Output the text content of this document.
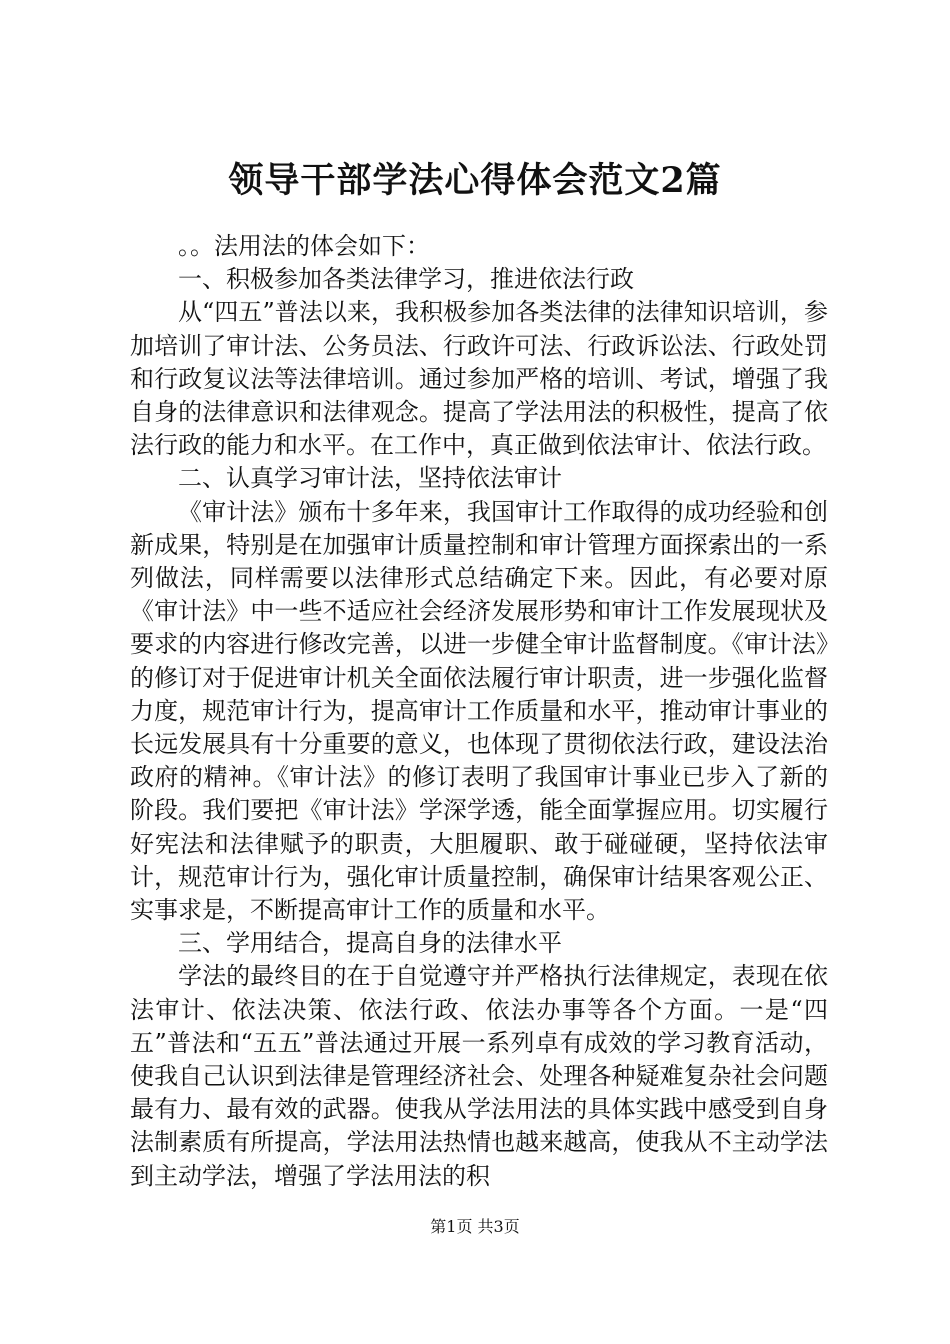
领导干部学法心得体会范文2篇

。。法用法的体会如下：

一、积极参加各类法律学习，推进依法行政

从“四五”普法以来，我积极参加各类法律的法律知识培训，参加培训了审计法、公务员法、行政许可法、行政诉讼法、行政处罚和行政复议法等法律培训。通过参加严格的培训、考试，增强了我自身的法律意识和法律观念。提高了学法用法的积极性，提高了依法行政的能力和水平。在工作中，真正做到依法审计、依法行政。

二、认真学习审计法，坚持依法审计

《审计法》颁布十多年来，我国审计工作取得的成功经验和创新成果，特别是在加强审计质量控制和审计管理方面探索出的一系列做法，同样需要以法律形式总结确定下来。因此，有必要对原《审计法》中一些不适应社会经济发展形势和审计工作发展现状及要求的内容进行修改完善，以进一步健全审计监督制度。《审计法》的修订对于促进审计机关全面依法履行审计职责，进一步强化监督力度，规范审计行为，提高审计工作质量和水平，推动审计事业的长远发展具有十分重要的意义，也体现了贯彻依法行政，建设法治政府的精神。《审计法》的修订表明了我国审计事业已步入了新的阶段。我们要把《审计法》学深学透，能全面掌握应用。切实履行好宪法和法律赋予的职责，大胆履职、敢于碰碰硬，坚持依法审计，规范审计行为，强化审计质量控制，确保审计结果客观公正、实事求是，不断提高审计工作的质量和水平。

三、学用结合，提高自身的法律水平

学法的最终目的在于自觉遵守并严格执行法律规定，表现在依法审计、依法决策、依法行政、依法办事等各个方面。一是“四五”普法和“五五”普法通过开展一系列卓有成效的学习教育活动，使我自己认识到法律是管理经济社会、处理各种疑难复杂社会问题最有力、最有效的武器。使我从学法用法的具体实践中感受到自身法制素质有所提高，学法用法热情也越来越高，使我从不主动学法到主动学法，增强了学法用法的积

第1页 共3页
